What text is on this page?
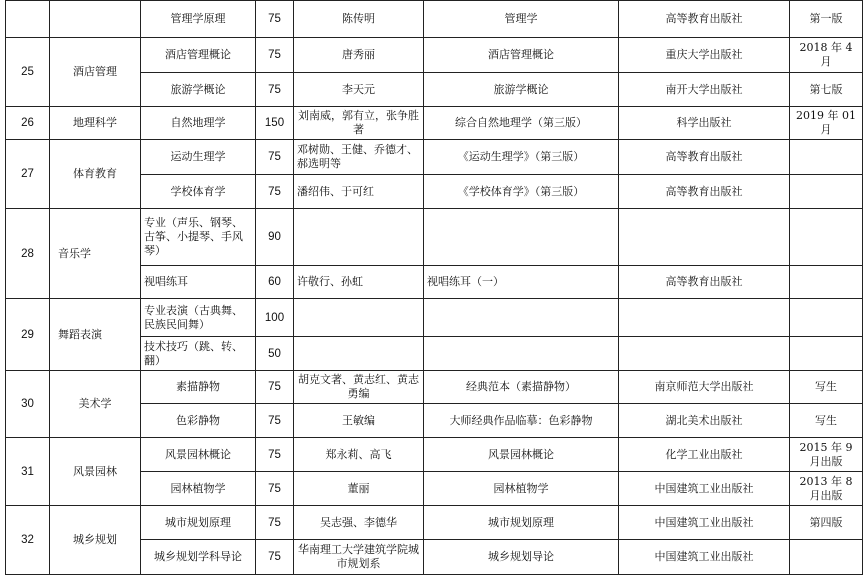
		管理学原理	75	陈传明	管理学	高等教育出版社	第一版
25	酒店管理	酒店管理概论	75	唐秀丽	酒店管理概论	重庆大学出版社	2018 年 4 月
		旅游学概论	75	李天元	旅游学概论	南开大学出版社	第七版
26	地理科学	自然地理学	150	刘南威，郭有立，张争胜 著	综合自然地理学（第三版）	科学出版社	2019 年 01 月
27	体育教育	运动生理学	75	邓树勋、王健、乔德才、郝选明等	《运动生理学》（第三版）	高等教育出版社	
		学校体育学	75	潘绍伟、于可红	《学校体育学》（第三版）	高等教育出版社	
28	音乐学	专业（声乐、钢琴、古筝、小提琴、手风琴）	90				
		视唱练耳	60	许敬行、孙虹	视唱练耳（一）	高等教育出版社	
29	舞蹈表演	专业表演（古典舞、民族民间舞）	100				
		技术技巧（跳、转、翻）	50				
30	美术学	素描静物	75	胡克文著、黄志红、黄志勇编	经典范本（素描静物）	南京师范大学出版社	写生
		色彩静物	75	王敏编	大师经典作品临摹：色彩静物	湖北美术出版社	写生
31	风景园林	风景园林概论	75	郑永莉、高飞	风景园林概论	化学工业出版社	2015 年 9 月出版
		园林植物学	75	董丽	园林植物学	中国建筑工业出版社	2013 年 8 月出版
32	城乡规划	城市规划原理	75	吴志强、李德华	城市规划原理	中国建筑工业出版社	第四版
		城乡规划学科导论	75	华南理工大学建筑学院城市规划系	城乡规划导论	中国建筑工业出版社	
